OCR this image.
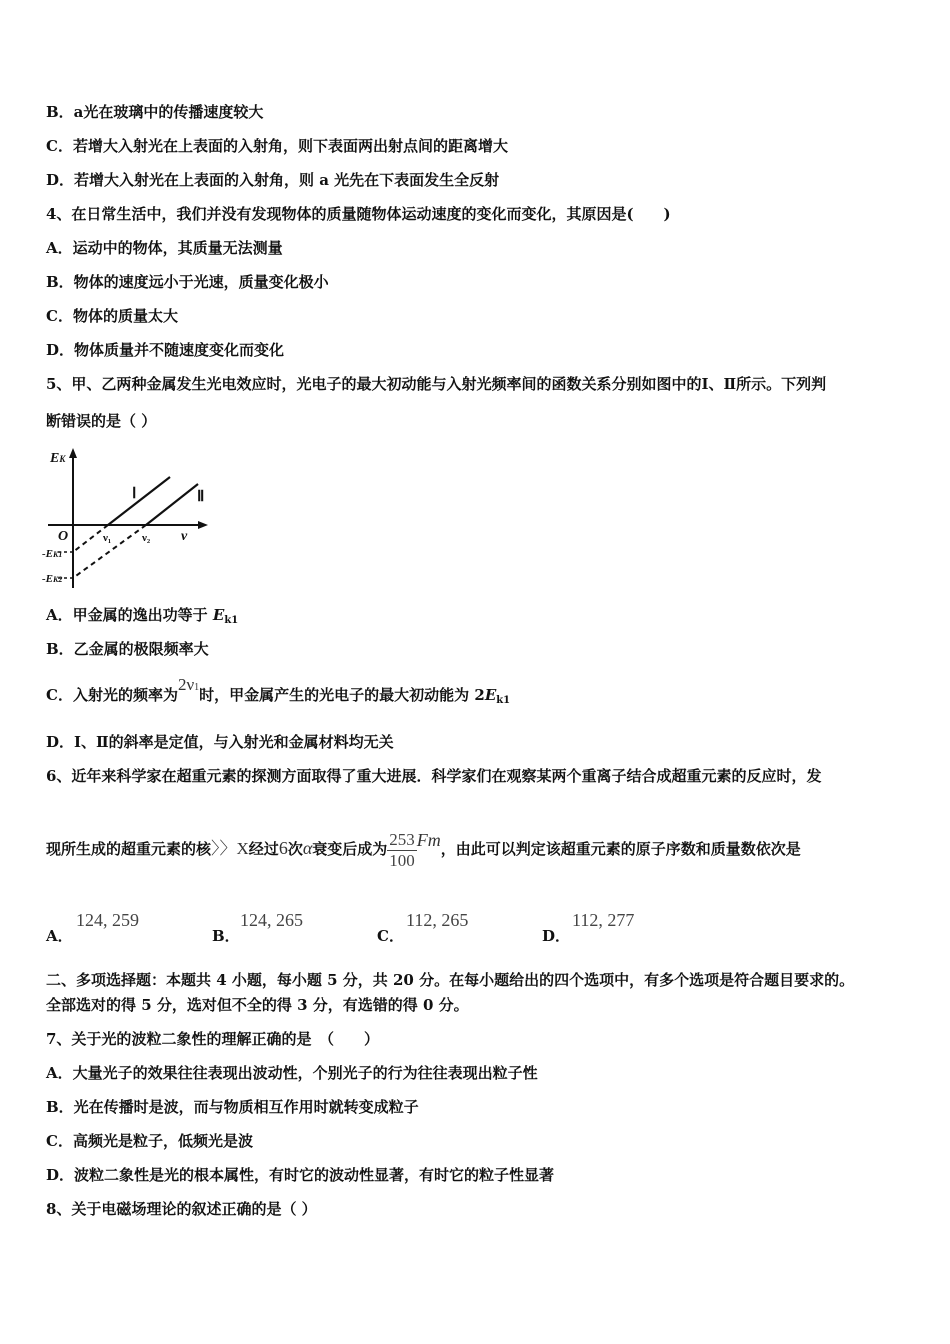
B．a光在玻璃中的传播速度较大
C．若增大入射光在上表面的入射角，则下表面两出射点间的距离增大
D．若增大入射光在上表面的入射角，则 a 光先在下表面发生全反射
4、在日常生活中，我们并没有发现物体的质量随物体运动速度的变化而变化，其原因是(　　)
A．运动中的物体，其质量无法测量
B．物体的速度远小于光速，质量变化极小
C．物体的质量太大
D．物体质量并不随速度变化而变化
5、甲、乙两种金属发生光电效应时，光电子的最大初动能与入射光频率间的函数关系分别如图中的Ⅰ、Ⅱ所示。下列判
断错误的是（ ）
EK
O	ν
ν₁	ν₂
-EK1
-EK2
Ⅰ	Ⅱ
A．甲金属的逸出功等于 $E_{k1}$
B．乙金属的极限频率大
C．入射光的频率为2ν1时，甲金属产生的光电子的最大初动能为 $2E_{k1}$
D．Ⅰ、Ⅱ的斜率是定值，与入射光和金属材料均无关
6、近年来科学家在超重元素的探测方面取得了重大进展．科学家们在观察某两个重离子结合成超重元素的反应时，发
现所生成的超重元素的核〉〉X经过6次α衰变后成为 $\frac{253}{100}$ Fm，由此可以判定该超重元素的原子序数和质量数依次是
A．
124, 259
B．
124, 265
C．
112, 265
D．
112, 277
二、多项选择题：本题共 4 小题，每小题 5 分，共 20 分。在每小题给出的四个选项中，有多个选项是符合题目要求的。
全部选对的得 5 分，选对但不全的得 3 分，有选错的得 0 分。
7、关于光的波粒二象性的理解正确的是　（　　）
A．大量光子的效果往往表现出波动性，个别光子的行为往往表现出粒子性
B．光在传播时是波，而与物质相互作用时就转变成粒子
C．高频光是粒子，低频光是波
D．波粒二象性是光的根本属性，有时它的波动性显著，有时它的粒子性显著
8、关于电磁场理论的叙述正确的是（ ）
